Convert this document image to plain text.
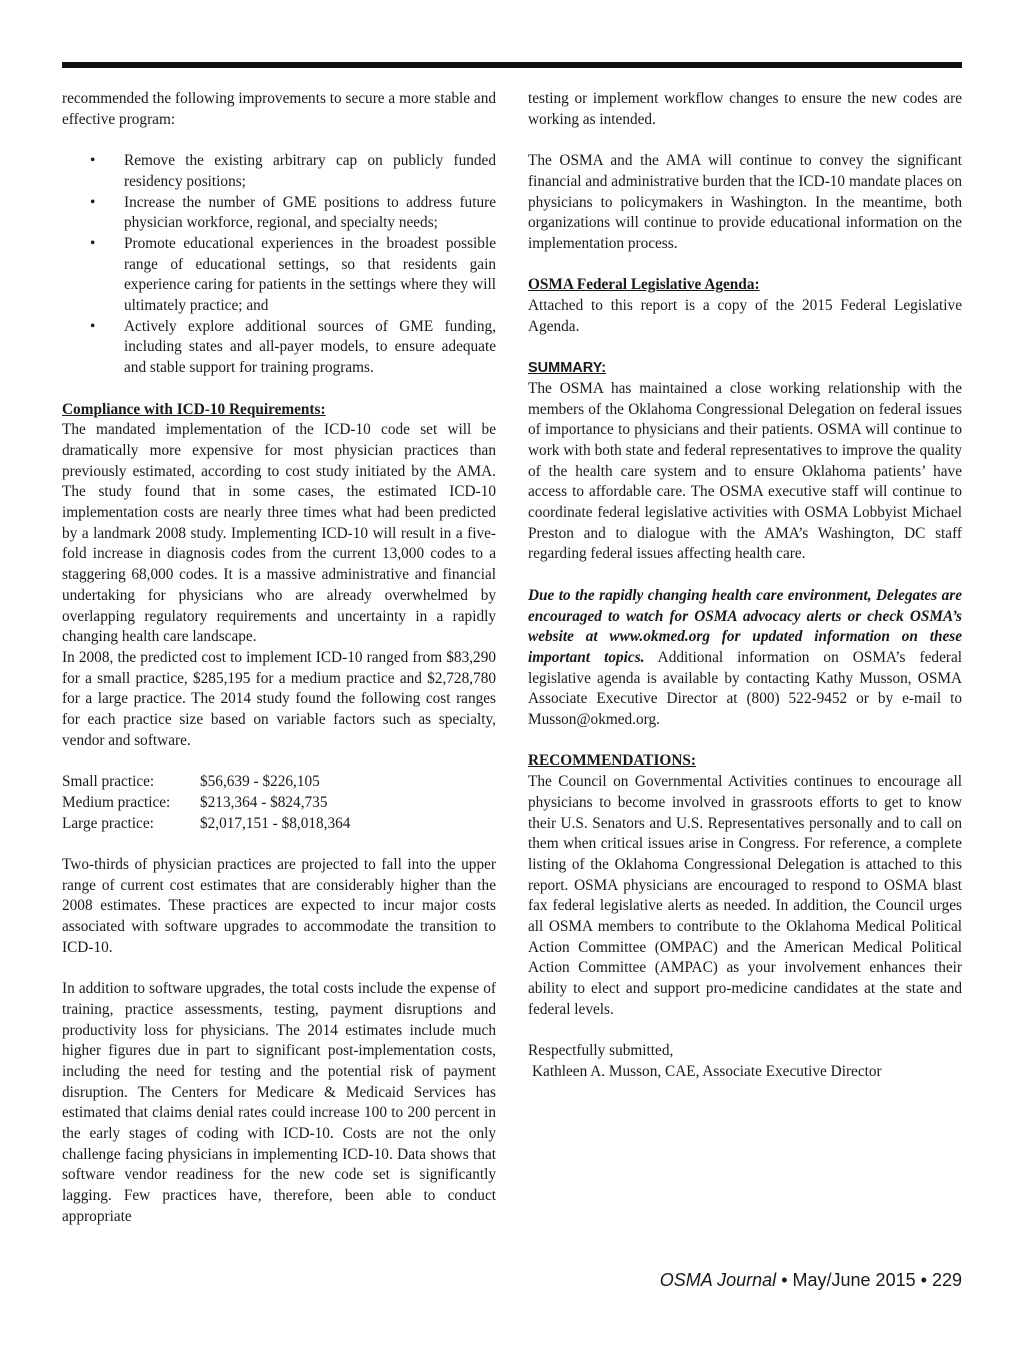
recommended the following improvements to secure a more stable and effective program:

• Remove the existing arbitrary cap on publicly funded residency positions;
• Increase the number of GME positions to address future physician workforce, regional, and specialty needs;
• Promote educational experiences in the broadest possible range of educational settings, so that residents gain experience caring for patients in the settings where they will ultimately practice; and
• Actively explore additional sources of GME funding, including states and all-payer models, to ensure adequate and stable support for training programs.

Compliance with ICD-10 Requirements:

The mandated implementation of the ICD-10 code set will be dramatically more expensive for most physician practices than previously estimated, according to cost study initiated by the AMA. The study found that in some cases, the estimated ICD-10 implementation costs are nearly three times what had been predicted by a landmark 2008 study. Implementing ICD-10 will result in a five-fold increase in diagnosis codes from the current 13,000 codes to a staggering 68,000 codes. It is a massive administrative and financial undertaking for physicians who are already overwhelmed by overlapping regulatory requirements and uncertainty in a rapidly changing health care landscape.

In 2008, the predicted cost to implement ICD-10 ranged from $83,290 for a small practice, $285,195 for a medium practice and $2,728,780 for a large practice. The 2014 study found the following cost ranges for each practice size based on variable factors such as specialty, vendor and software.

Small practice:	$56,639 - $226,105
Medium practice:	$213,364 - $824,735
Large practice:	$2,017,151 - $8,018,364

Two-thirds of physician practices are projected to fall into the upper range of current cost estimates that are considerably higher than the 2008 estimates. These practices are expected to incur major costs associated with software upgrades to accommodate the transition to ICD-10.

In addition to software upgrades, the total costs include the expense of training, practice assessments, testing, payment disruptions and productivity loss for physicians. The 2014 estimates include much higher figures due in part to significant post-implementation costs, including the need for testing and the potential risk of payment disruption. The Centers for Medicare & Medicaid Services has estimated that claims denial rates could increase 100 to 200 percent in the early stages of coding with ICD-10. Costs are not the only challenge facing physicians in implementing ICD-10. Data shows that software vendor readiness for the new code set is significantly lagging. Few practices have, therefore, been able to conduct appropriate

testing or implement workflow changes to ensure the new codes are working as intended.

The OSMA and the AMA will continue to convey the significant financial and administrative burden that the ICD-10 mandate places on physicians to policymakers in Washington. In the meantime, both organizations will continue to provide educational information on the implementation process.

OSMA Federal Legislative Agenda:

Attached to this report is a copy of the 2015 Federal Legislative Agenda.

SUMMARY:

The OSMA has maintained a close working relationship with the members of the Oklahoma Congressional Delegation on federal issues of importance to physicians and their patients. OSMA will continue to work with both state and federal representatives to improve the quality of the health care system and to ensure Oklahoma patients’ have access to affordable care. The OSMA executive staff will continue to coordinate federal legislative activities with OSMA Lobbyist Michael Preston and to dialogue with the AMA’s Washington, DC staff regarding federal issues affecting health care.

Due to the rapidly changing health care environment, Delegates are encouraged to watch for OSMA advocacy alerts or check OSMA’s website at www.okmed.org for updated information on these important topics. Additional information on OSMA’s federal legislative agenda is available by contacting Kathy Musson, OSMA Associate Executive Director at (800) 522-9452 or by e-mail to Musson@okmed.org.

RECOMMENDATIONS:

The Council on Governmental Activities continues to encourage all physicians to become involved in grassroots efforts to get to know their U.S. Senators and U.S. Representatives personally and to call on them when critical issues arise in Congress. For reference, a complete listing of the Oklahoma Congressional Delegation is attached to this report. OSMA physicians are encouraged to respond to OSMA blast fax federal legislative alerts as needed. In addition, the Council urges all OSMA members to contribute to the Oklahoma Medical Political Action Committee (OMPAC) and the American Medical Political Action Committee (AMPAC) as your involvement enhances their ability to elect and support pro-medicine candidates at the state and federal levels.

Respectfully submitted,

Kathleen A. Musson, CAE, Associate Executive Director

OSMA Journal • May/June 2015 • 229
